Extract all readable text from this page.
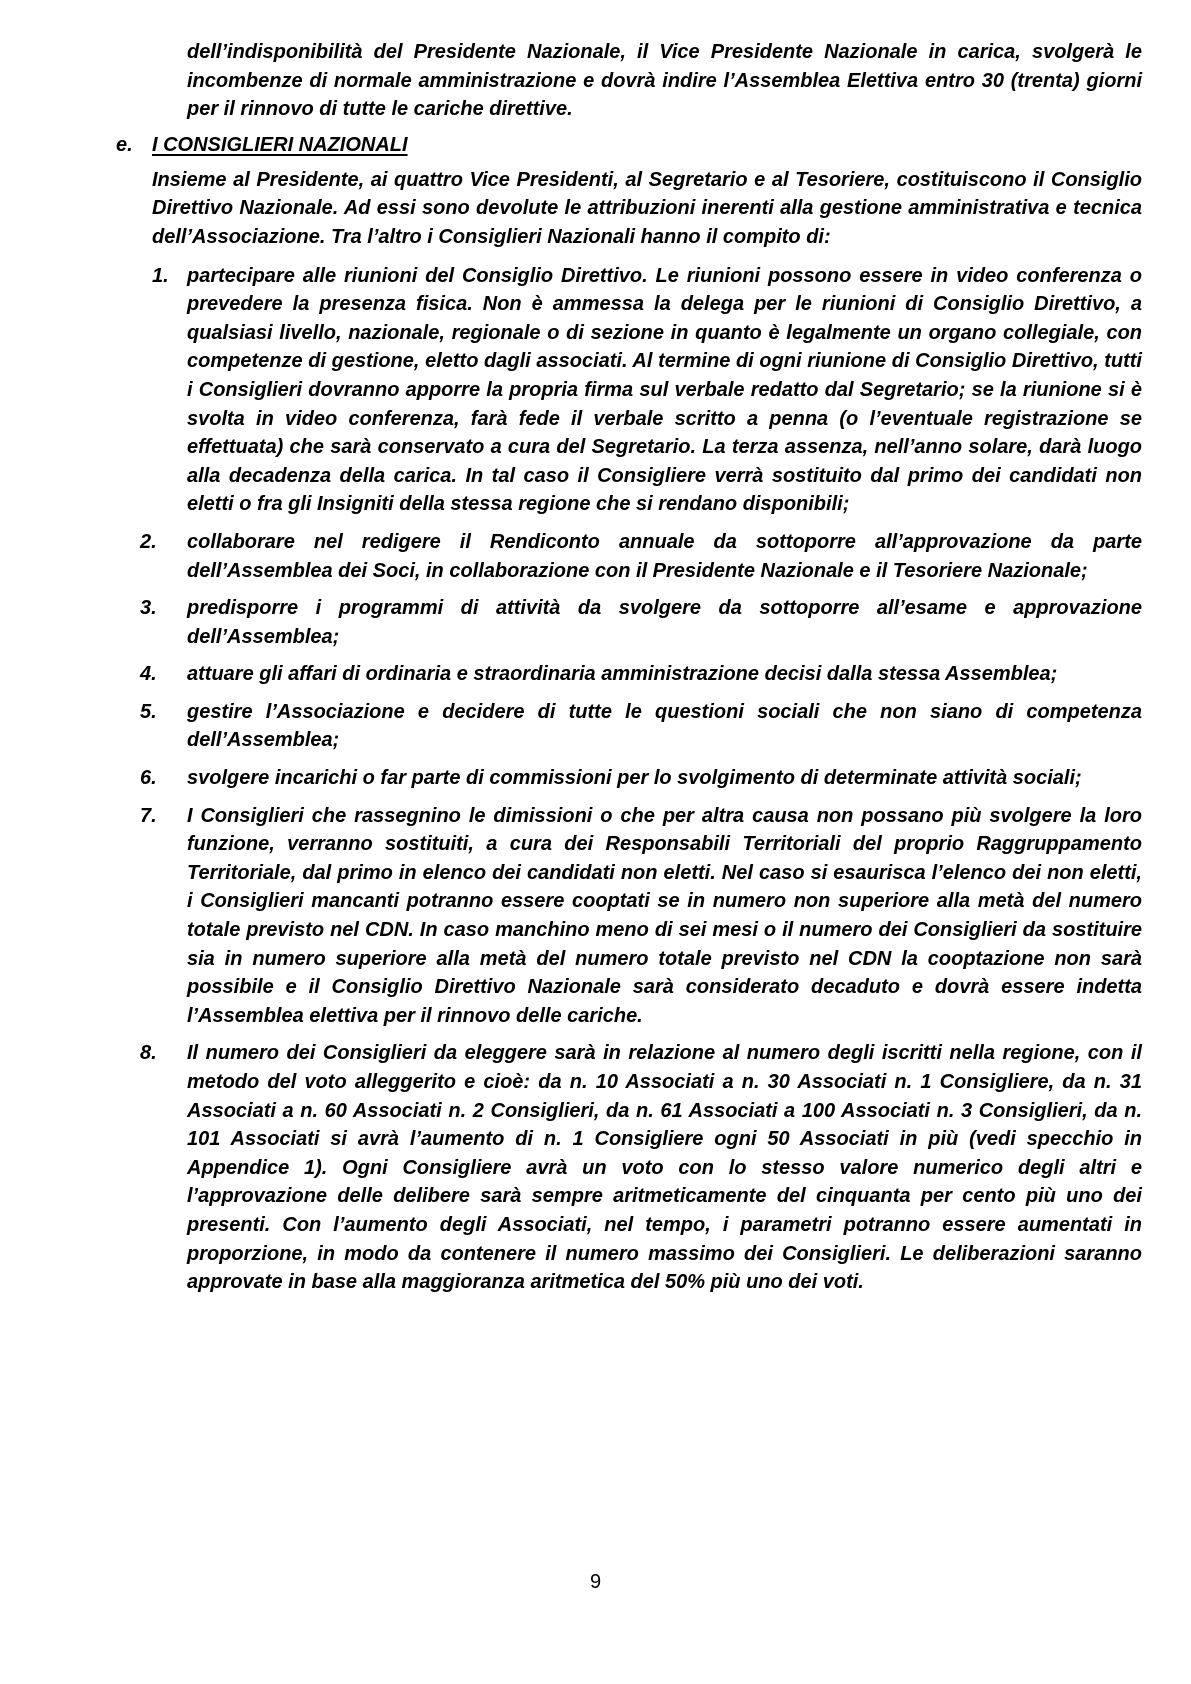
dell’indisponibilità del Presidente Nazionale, il Vice Presidente Nazionale in carica, svolgerà le incombenze di normale amministrazione e dovrà indire l’Assemblea Elettiva entro 30 (trenta) giorni per il rinnovo di tutte le cariche direttive.

e. I CONSIGLIERI NAZIONALI

Insieme al Presidente, ai quattro Vice Presidenti, al Segretario e al Tesoriere, costituiscono il Consiglio Direttivo Nazionale. Ad essi sono devolute le attribuzioni inerenti alla gestione amministrativa e tecnica dell’Associazione. Tra l’altro i Consiglieri Nazionali hanno il compito di:

1. partecipare alle riunioni del Consiglio Direttivo. Le riunioni possono essere in video conferenza o prevedere la presenza fisica. Non è ammessa la delega per le riunioni di Consiglio Direttivo, a qualsiasi livello, nazionale, regionale o di sezione in quanto è legalmente un organo collegiale, con competenze di gestione, eletto dagli associati. Al termine di ogni riunione di Consiglio Direttivo, tutti i Consiglieri dovranno apporre la propria firma sul verbale redatto dal Segretario; se la riunione si è svolta in video conferenza, farà fede il verbale scritto a penna (o l’eventuale registrazione se effettuata) che sarà conservato a cura del Segretario. La terza assenza, nell’anno solare, darà luogo alla decadenza della carica. In tal caso il Consigliere verrà sostituito dal primo dei candidati non eletti o fra gli Insigniti della stessa regione che si rendano disponibili;

2. collaborare nel redigere il Rendiconto annuale da sottoporre all’approvazione da parte dell’Assemblea dei Soci, in collaborazione con il Presidente Nazionale e il Tesoriere Nazionale;

3. predisporre i programmi di attività da svolgere da sottoporre all’esame e approvazione dell’Assemblea;

4. attuare gli affari di ordinaria e straordinaria amministrazione decisi dalla stessa Assemblea;

5. gestire l’Associazione e decidere di tutte le questioni sociali che non siano di competenza dell’Assemblea;

6. svolgere incarichi o far parte di commissioni per lo svolgimento di determinate attività sociali;

7. I Consiglieri che rassegnino le dimissioni o che per altra causa non possano più svolgere la loro funzione, verranno sostituiti, a cura dei Responsabili Territoriali del proprio Raggruppamento Territoriale, dal primo in elenco dei candidati non eletti. Nel caso si esaurisca l’elenco dei non eletti, i Consiglieri mancanti potranno essere cooptati se in numero non superiore alla metà del numero totale previsto nel CDN. In caso manchino meno di sei mesi o il numero dei Consiglieri da sostituire sia in numero superiore alla metà del numero totale previsto nel CDN la cooptazione non sarà possibile e il Consiglio Direttivo Nazionale sarà considerato decaduto e dovrà essere indetta l’Assemblea elettiva per il rinnovo delle cariche.

8. Il numero dei Consiglieri da eleggere sarà in relazione al numero degli iscritti nella regione, con il metodo del voto alleggerito e cioè: da n. 10 Associati a n. 30 Associati n. 1 Consigliere, da n. 31 Associati a n. 60 Associati n. 2 Consiglieri, da n. 61 Associati a 100 Associati n. 3 Consiglieri, da n. 101 Associati si avrà l’aumento di n. 1 Consigliere ogni 50 Associati in più (vedi specchio in Appendice 1). Ogni Consigliere avrà un voto con lo stesso valore numerico degli altri e l’approvazione delle delibere sarà sempre aritmeticamente del cinquanta per cento più uno dei presenti. Con l’aumento degli Associati, nel tempo, i parametri potranno essere aumentati in proporzione, in modo da contenere il numero massimo dei Consiglieri. Le deliberazioni saranno approvate in base alla maggioranza aritmetica del 50% più uno dei voti.

9
